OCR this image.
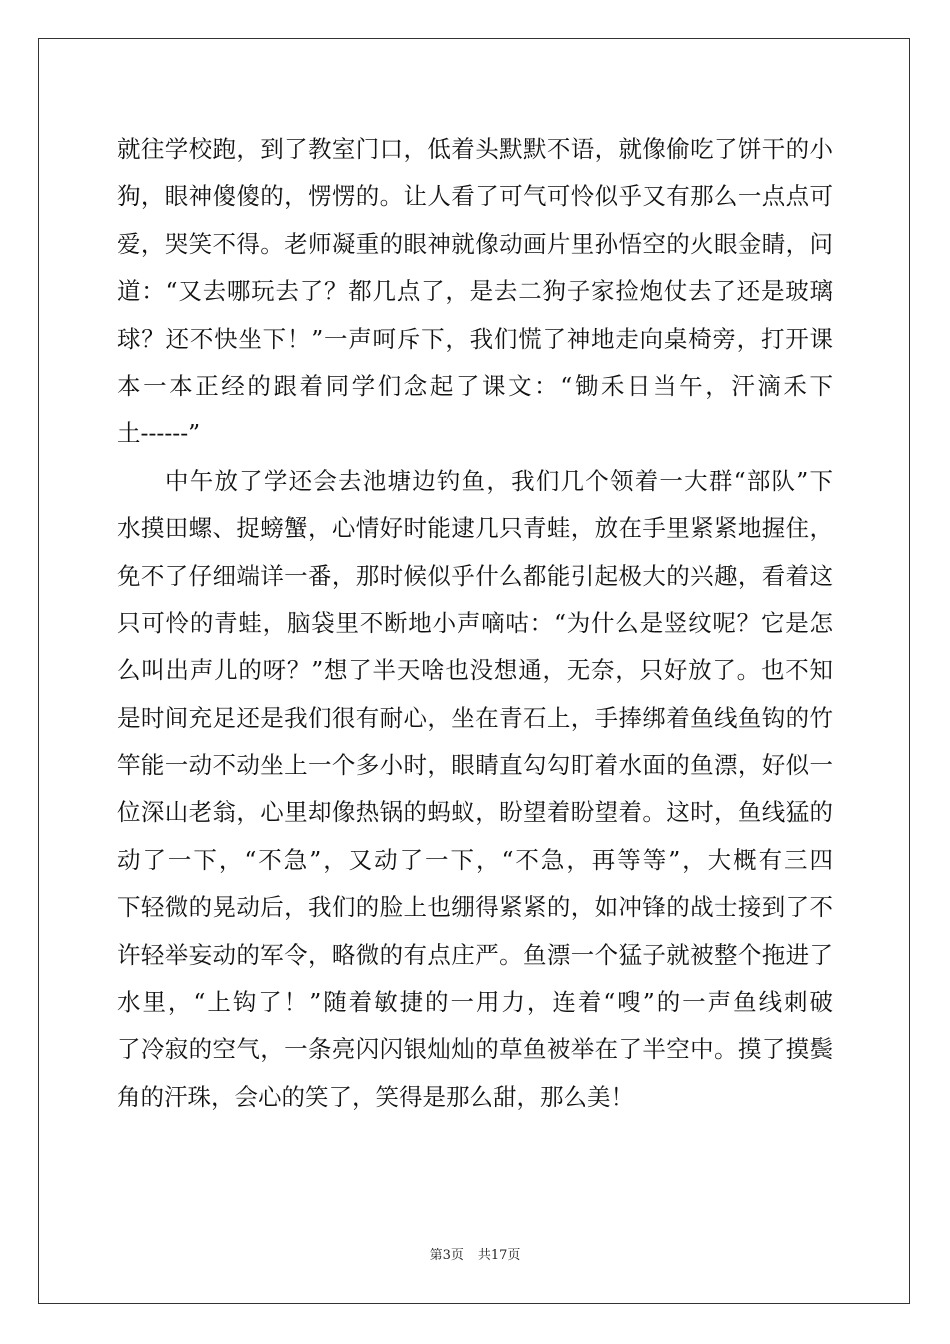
就往学校跑，到了教室门口，低着头默默不语，就像偷吃了饼干的小
狗，眼神傻傻的，愣愣的。让人看了可气可怜似乎又有那么一点点可
爱，哭笑不得。老师凝重的眼神就像动画片里孙悟空的火眼金睛，问
道：“又去哪玩去了？都几点了，是去二狗子家捡炮仗去了还是玻璃
球？还不快坐下！”一声呵斥下，我们慌了神地走向桌椅旁，打开课
本一本正经的跟着同学们念起了课文：“锄禾日当午，汗滴禾下
土------”
中午放了学还会去池塘边钓鱼，我们几个领着一大群“部队”下
水摸田螺、捉螃蟹，心情好时能逮几只青蛙，放在手里紧紧地握住，
免不了仔细端详一番，那时候似乎什么都能引起极大的兴趣，看着这
只可怜的青蛙，脑袋里不断地小声嘀咕：“为什么是竖纹呢？它是怎
么叫出声儿的呀？”想了半天啥也没想通，无奈，只好放了。也不知
是时间充足还是我们很有耐心，坐在青石上，手捧绑着鱼线鱼钩的竹
竿能一动不动坐上一个多小时，眼睛直勾勾盯着水面的鱼漂，好似一
位深山老翁，心里却像热锅的蚂蚁，盼望着盼望着。这时，鱼线猛的
动了一下，“不急”，又动了一下，“不急，再等等”，大概有三四
下轻微的晃动后，我们的脸上也绷得紧紧的，如冲锋的战士接到了不
许轻举妄动的军令，略微的有点庄严。鱼漂一个猛子就被整个拖进了
水里，“上钩了！”随着敏捷的一用力，连着“嗖”的一声鱼线刺破
了冷寂的空气，一条亮闪闪银灿灿的草鱼被举在了半空中。摸了摸鬓
角的汗珠，会心的笑了，笑得是那么甜，那么美！
第3页 共17页
